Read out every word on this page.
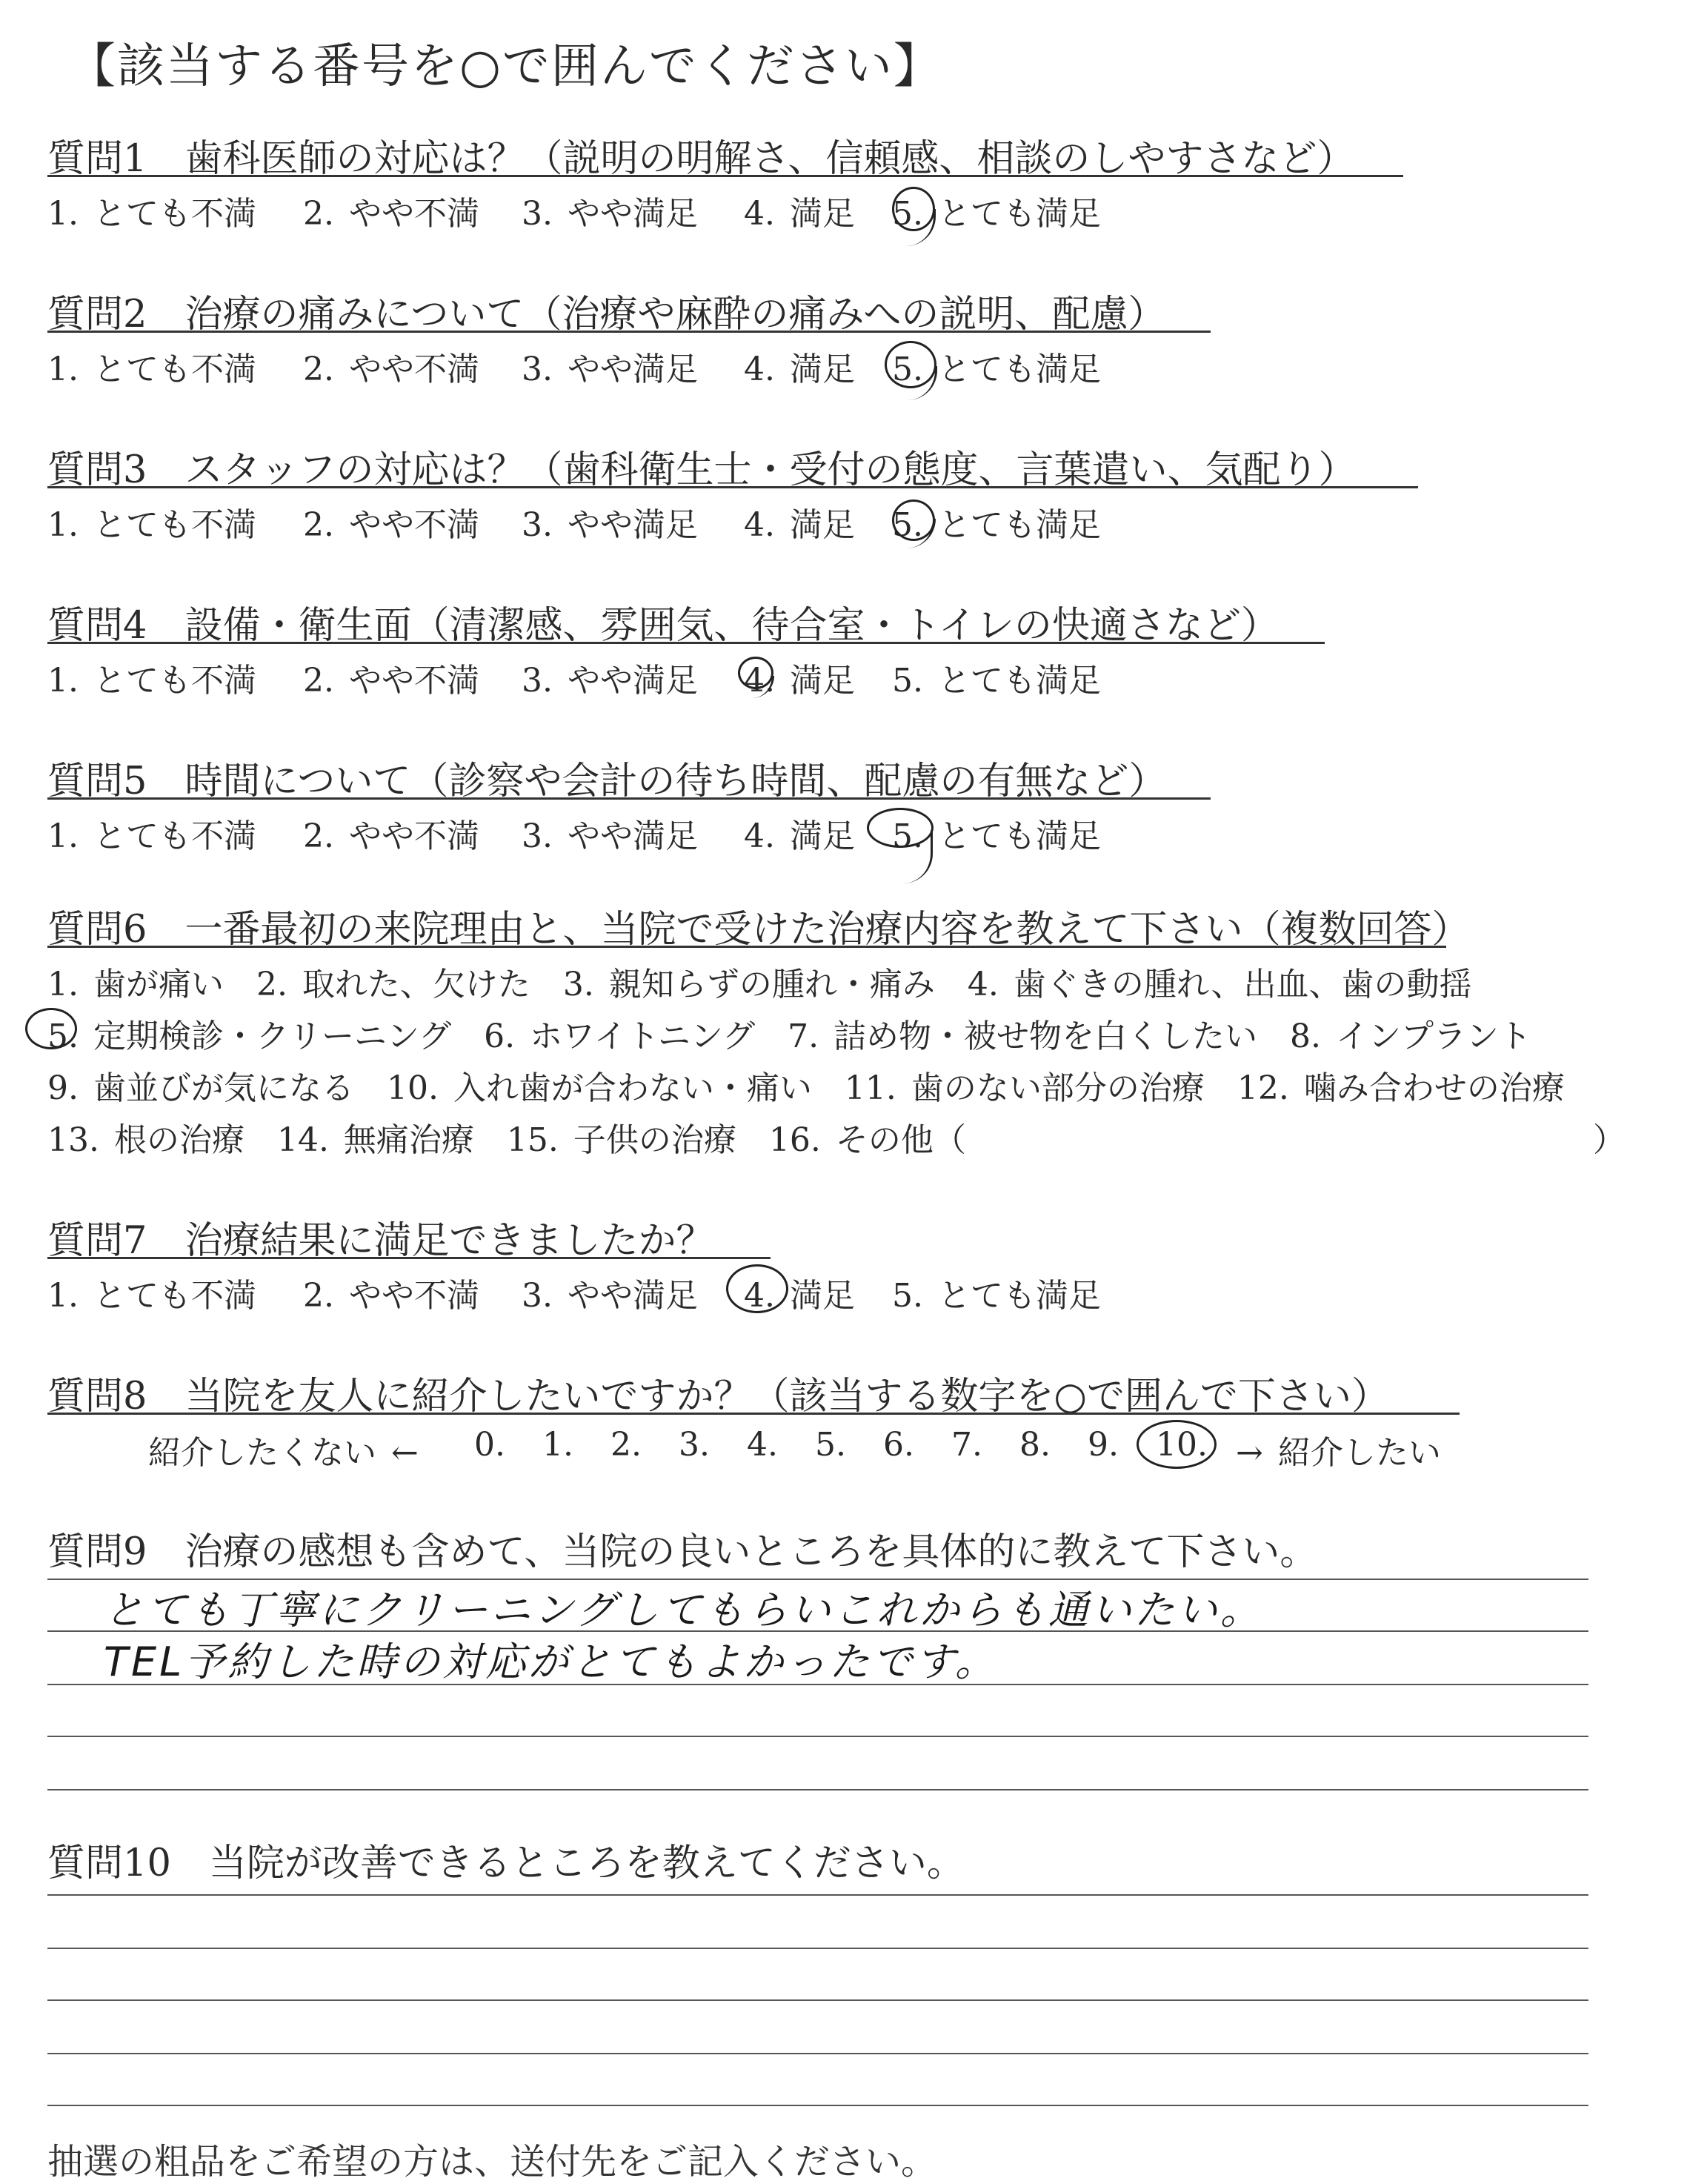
【該当する番号を○で囲んでください】
質問1　歯科医師の対応は？（説明の明解さ、信頼感、相談のしやすさなど）
1. とても不満 2. やや不満 3. やや満足 4. 満足 5. とても満足
質問2　治療の痛みについて（治療や麻酔の痛みへの説明、配慮）
1. とても不満 2. やや不満 3. やや満足 4. 満足 5. とても満足
質問3　スタッフの対応は？（歯科衛生士・受付の態度、言葉遣い、気配り）
1. とても不満 2. やや不満 3. やや満足 4. 満足 5. とても満足
質問4　設備・衛生面（清潔感、雰囲気、待合室・トイレの快適さなど）
1. とても不満 2. やや不満 3. やや満足 4. 満足 5. とても満足
質問5　時間について（診察や会計の待ち時間、配慮の有無など）
1. とても不満 2. やや不満 3. やや満足 4. 満足 5. とても満足
質問6　一番最初の来院理由と、当院で受けた治療内容を教えて下さい（複数回答）
1. 歯が痛い　2. 取れた、欠けた　3. 親知らずの腫れ・痛み　4. 歯ぐきの腫れ、出血、歯の動揺
5. 定期検診・クリーニング　6. ホワイトニング　7. 詰め物・被せ物を白くしたい　8. インプラント
9. 歯並びが気になる　10. 入れ歯が合わない・痛い　11. 歯のない部分の治療　12. 噛み合わせの治療
13. 根の治療　14. 無痛治療　15. 子供の治療　16. その他（	）
質問7　治療結果に満足できましたか？
1. とても不満 2. やや不満 3. やや満足 4. 満足 5. とても満足
質問8　当院を友人に紹介したいですか？（該当する数字を○で囲んで下さい）
紹介したくない ← 0. 1. 2. 3. 4. 5. 6. 7. 8. 9. 10. → 紹介したい
質問9　治療の感想も含めて、当院の良いところを具体的に教えて下さい。
とても丁寧にクリーニングしてもらいこれからも通いたい。
TEL予約した時の対応がとてもよかったです。
質問10　当院が改善できるところを教えてください。
抽選の粗品をご希望の方は、送付先をご記入ください。
